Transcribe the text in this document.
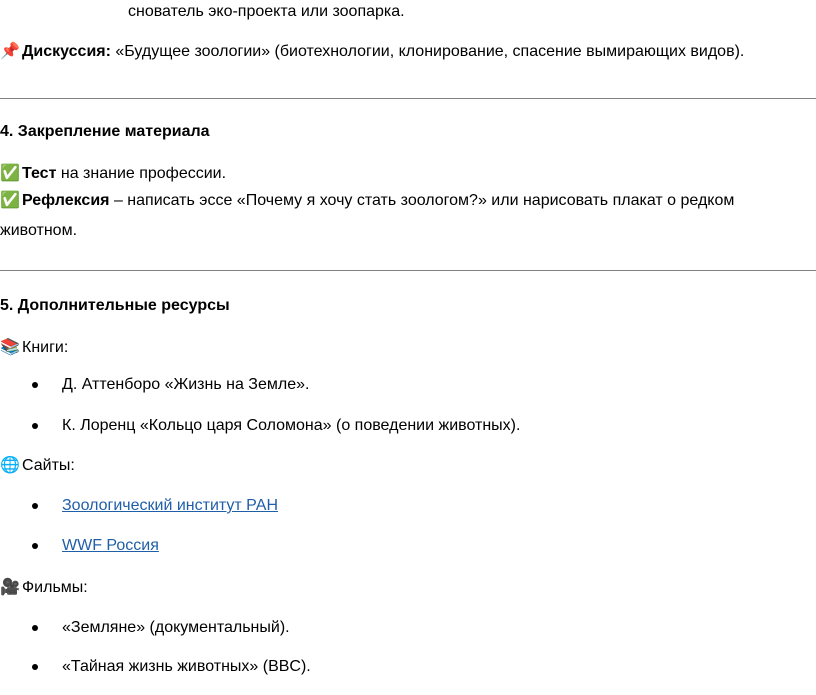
снователь эко-проекта или зоопарка.
📌 Дискуссия: «Будущее зоологии» (биотехнологии, клонирование, спасение вымирающих видов).
4. Закрепление материала
✅ Тест на знание профессии.
✅ Рефлексия – написать эссе «Почему я хочу стать зоологом?» или нарисовать плакат о редком животном.
5. Дополнительные ресурсы
📚 Книги:
Д. Аттенборо «Жизнь на Земле».
К. Лоренц «Кольцо царя Соломона» (о поведении животных).
🌐 Сайты:
Зоологический институт РАН
WWF Россия
🎥 Фильмы:
«Земляне» (документальный).
«Тайная жизнь животных» (BBC).
